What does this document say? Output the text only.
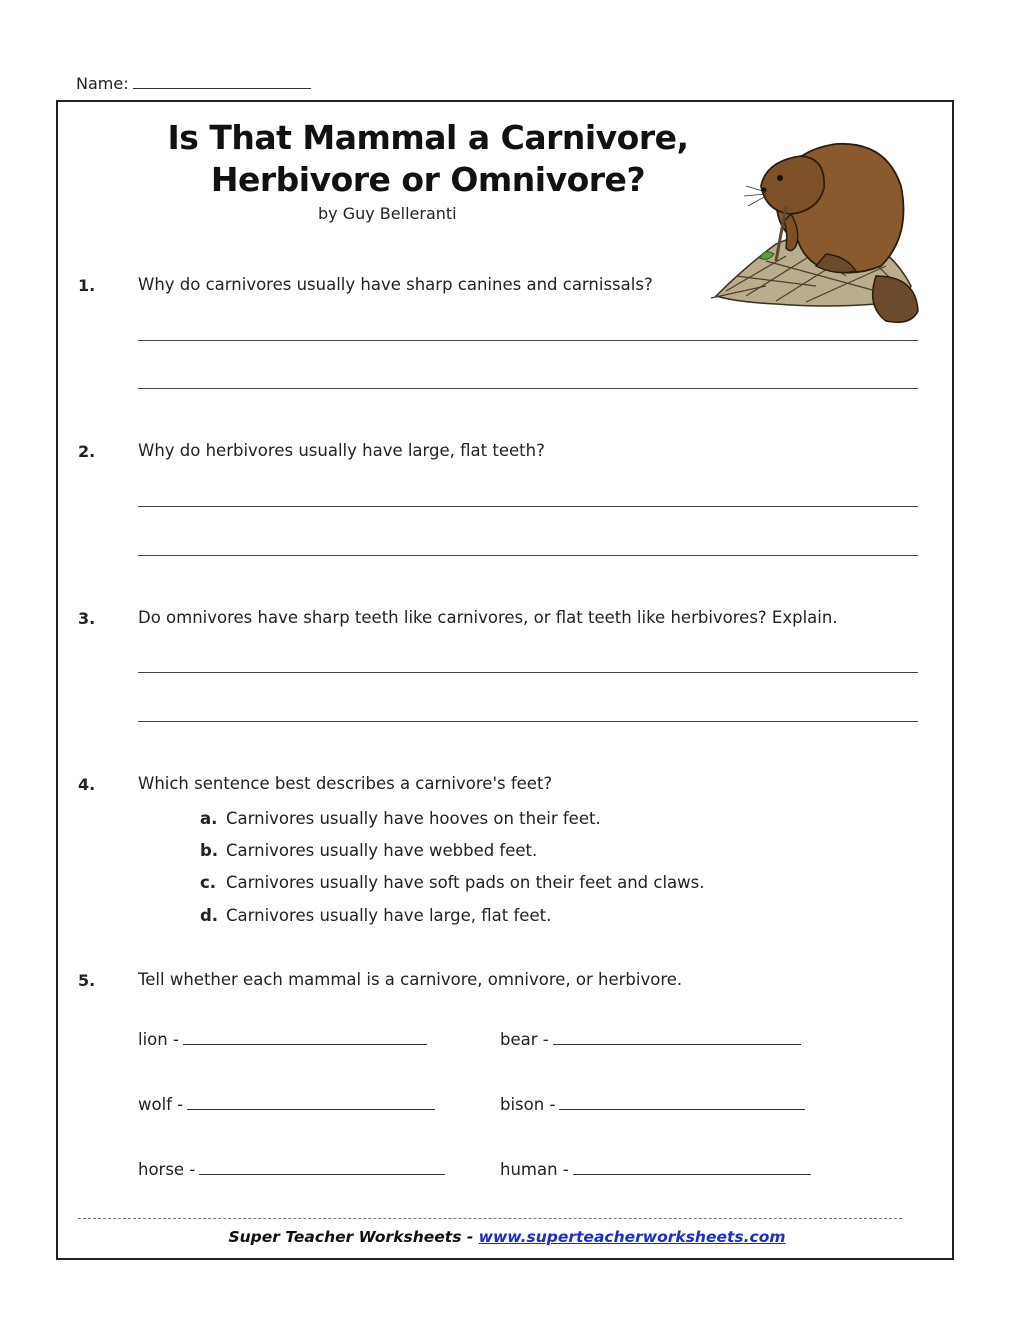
Name:
Is That Mammal a Carnivore,
Herbivore or Omnivore?
by Guy Belleranti
1.	Why do carnivores usually have sharp canines and carnissals?
2.	Why do herbivores usually have large, flat teeth?
3.	Do omnivores have sharp teeth like carnivores, or flat teeth like herbivores? Explain.
4.	Which sentence best describes a carnivore's feet?
a. Carnivores usually have hooves on their feet.
b. Carnivores usually have webbed feet.
c. Carnivores usually have soft pads on their feet and claws.
d. Carnivores usually have large, flat feet.
5.	Tell whether each mammal is a carnivore, omnivore, or herbivore.
lion -	bear -
wolf -	bison -
horse -	human -
Super Teacher Worksheets - www.superteacherworksheets.com
